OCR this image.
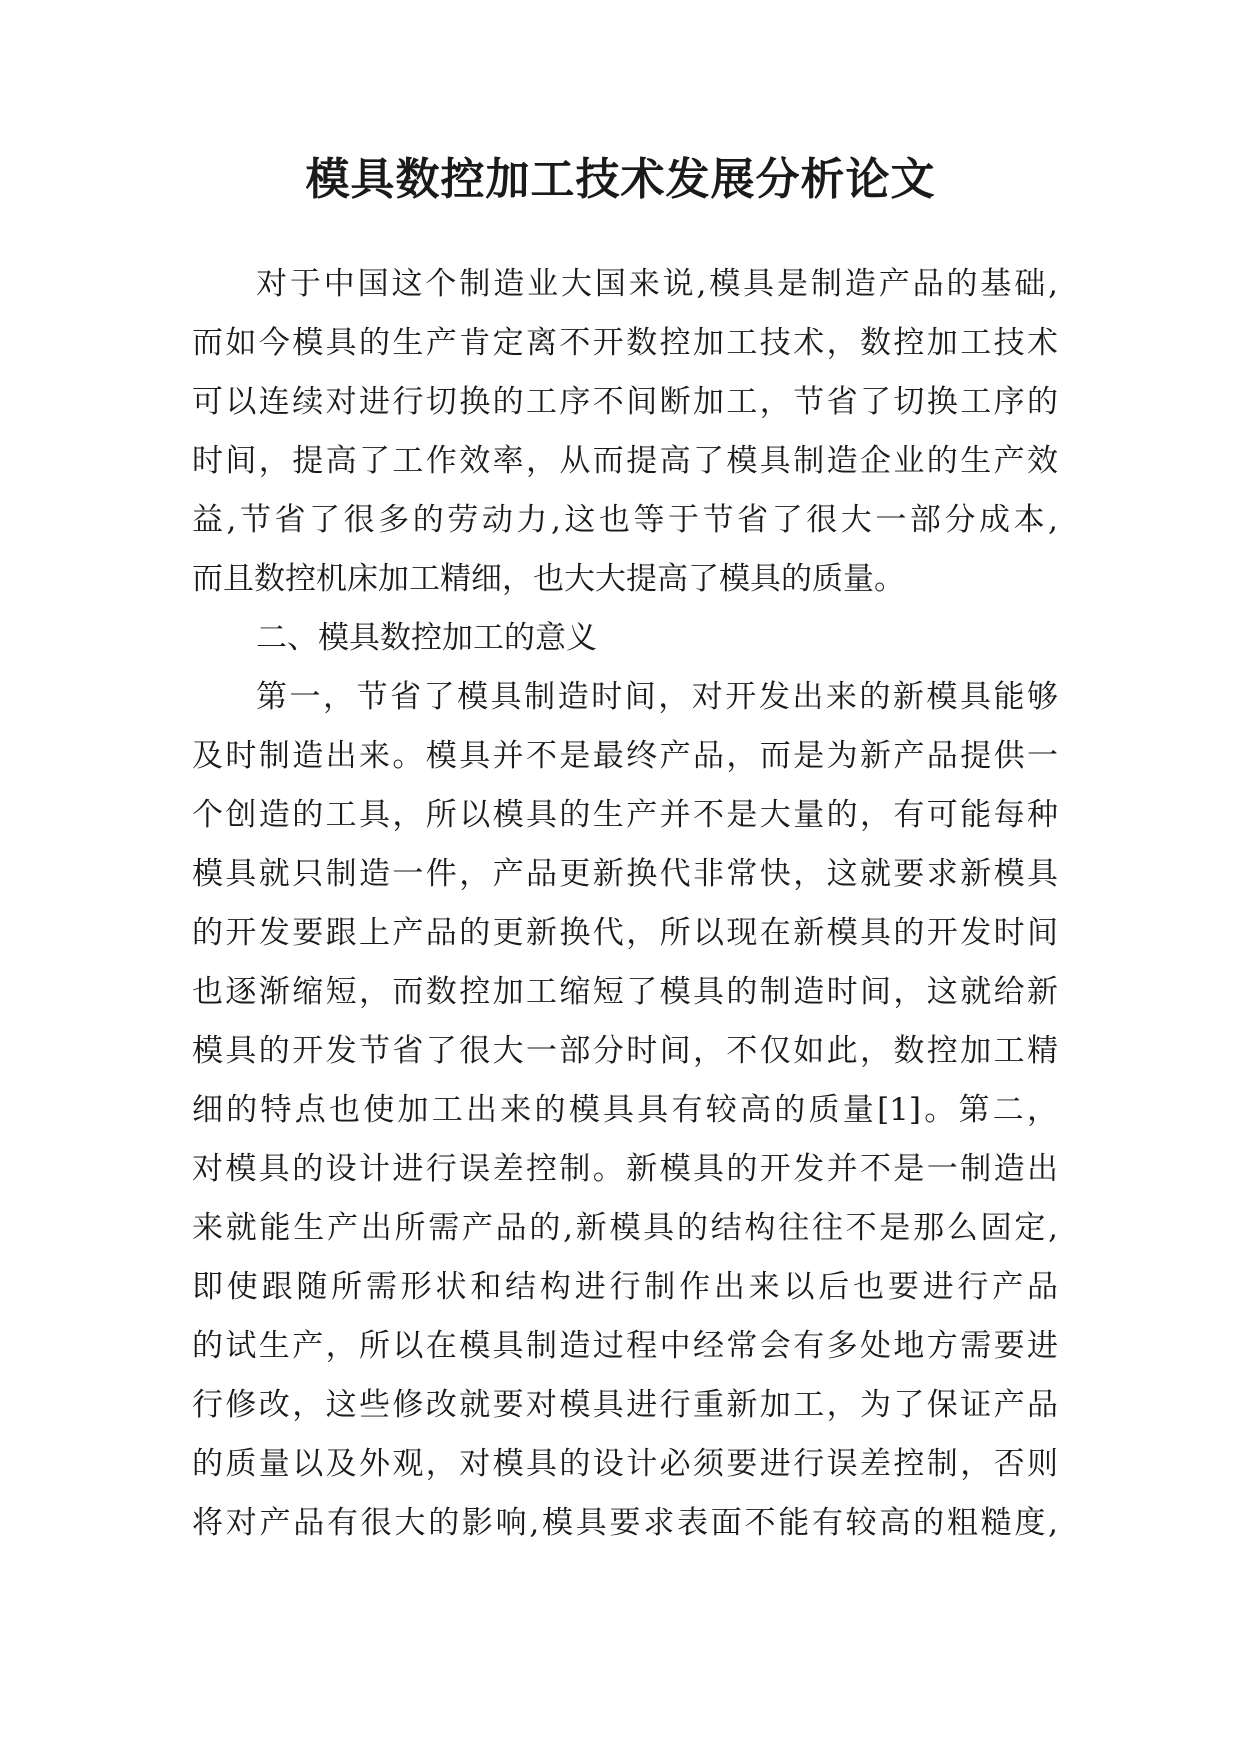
模具数控加工技术发展分析论文
对于中国这个制造业大国来说,模具是制造产品的基础,
而如今模具的生产肯定离不开数控加工技术，数控加工技术
可以连续对进行切换的工序不间断加工，节省了切换工序的
时间，提高了工作效率，从而提高了模具制造企业的生产效
益,节省了很多的劳动力,这也等于节省了很大一部分成本,
而且数控机床加工精细，也大大提高了模具的质量。
二、模具数控加工的意义
第一，节省了模具制造时间，对开发出来的新模具能够
及时制造出来。模具并不是最终产品，而是为新产品提供一
个创造的工具，所以模具的生产并不是大量的，有可能每种
模具就只制造一件，产品更新换代非常快，这就要求新模具
的开发要跟上产品的更新换代，所以现在新模具的开发时间
也逐渐缩短，而数控加工缩短了模具的制造时间，这就给新
模具的开发节省了很大一部分时间，不仅如此，数控加工精
细的特点也使加工出来的模具具有较高的质量[1]。第二，
对模具的设计进行误差控制。新模具的开发并不是一制造出
来就能生产出所需产品的,新模具的结构往往不是那么固定,
即使跟随所需形状和结构进行制作出来以后也要进行产品
的试生产，所以在模具制造过程中经常会有多处地方需要进
行修改，这些修改就要对模具进行重新加工，为了保证产品
的质量以及外观，对模具的设计必须要进行误差控制，否则
将对产品有很大的影响,模具要求表面不能有较高的粗糙度,
